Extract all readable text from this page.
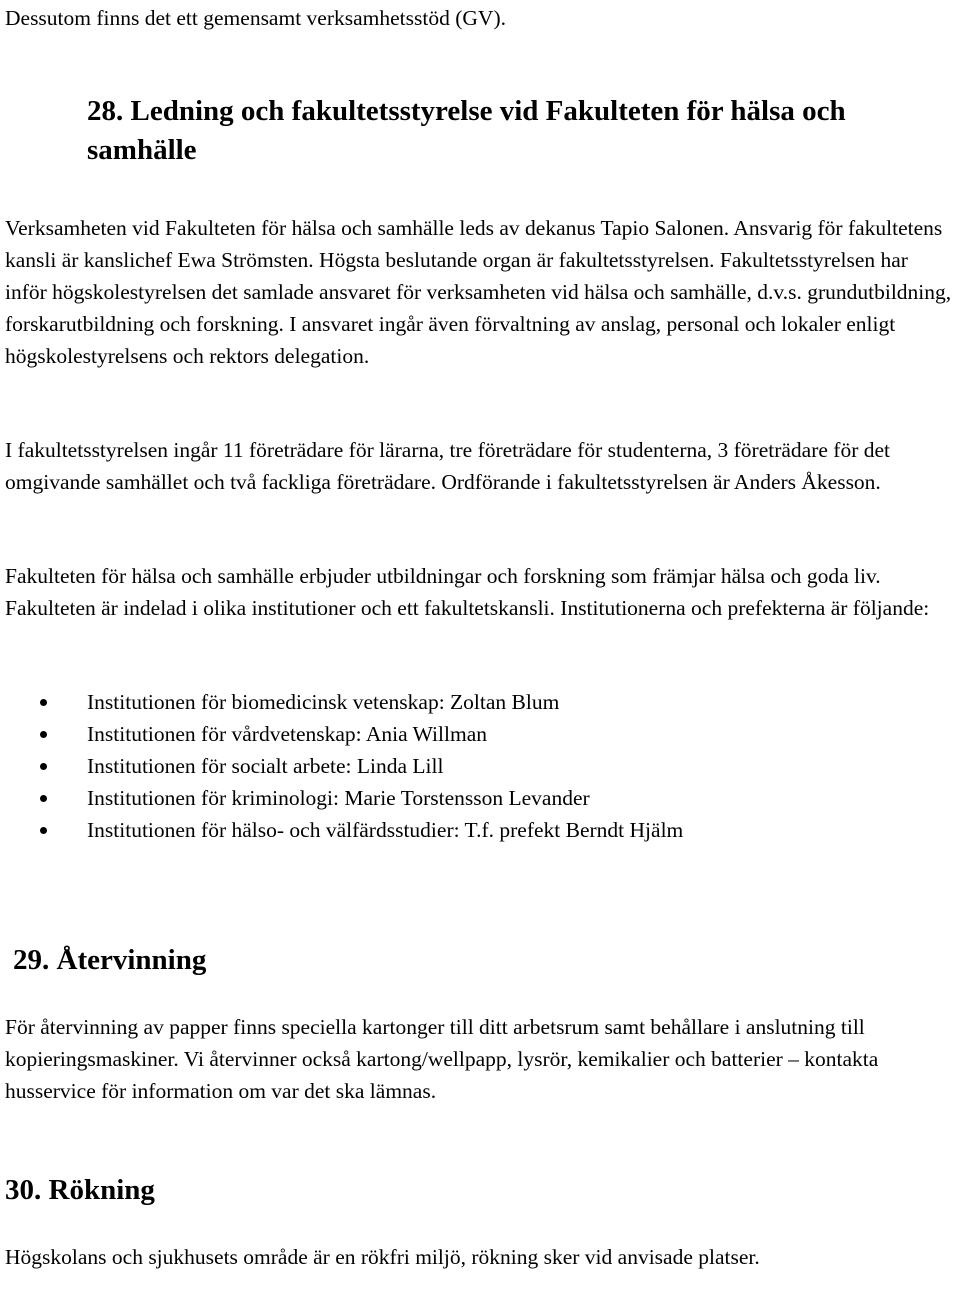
Dessutom finns det ett gemensamt verksamhetsstöd (GV).

28. Ledning och fakultetsstyrelse vid Fakulteten för hälsa och samhälle

Verksamheten vid Fakulteten för hälsa och samhälle leds av dekanus Tapio Salonen. Ansvarig för fakultetens kansli är kanslichef Ewa Strömsten. Högsta beslutande organ är fakultetsstyrelsen. Fakultetsstyrelsen har inför högskolestyrelsen det samlade ansvaret för verksamheten vid hälsa och samhälle, d.v.s. grundutbildning, forskarutbildning och forskning. I ansvaret ingår även förvaltning av anslag, personal och lokaler enligt högskolestyrelsens och rektors delegation.

I fakultetsstyrelsen ingår 11 företrädare för lärarna, tre företrädare för studenterna, 3 företrädare för det omgivande samhället och två fackliga företrädare. Ordförande i fakultetsstyrelsen är Anders Åkesson.

Fakulteten för hälsa och samhälle erbjuder utbildningar och forskning som främjar hälsa och goda liv. Fakulteten är indelad i olika institutioner och ett fakultetskansli. Institutionerna och prefekterna är följande:

Institutionen för biomedicinsk vetenskap: Zoltan Blum
Institutionen för vårdvetenskap: Ania Willman
Institutionen för socialt arbete: Linda Lill
Institutionen för kriminologi: Marie Torstensson Levander
Institutionen för hälso- och välfärdsstudier: T.f. prefekt Berndt Hjälm
29. Återvinning

För återvinning av papper finns speciella kartonger till ditt arbetsrum samt behållare i anslutning till kopieringsmaskiner. Vi återvinner också kartong/wellpapp, lysrör, kemikalier och batterier – kontakta husservice för information om var det ska lämnas.

30. Rökning

Högskolans och sjukhusets område är en rökfri miljö, rökning sker vid anvisade platser.
